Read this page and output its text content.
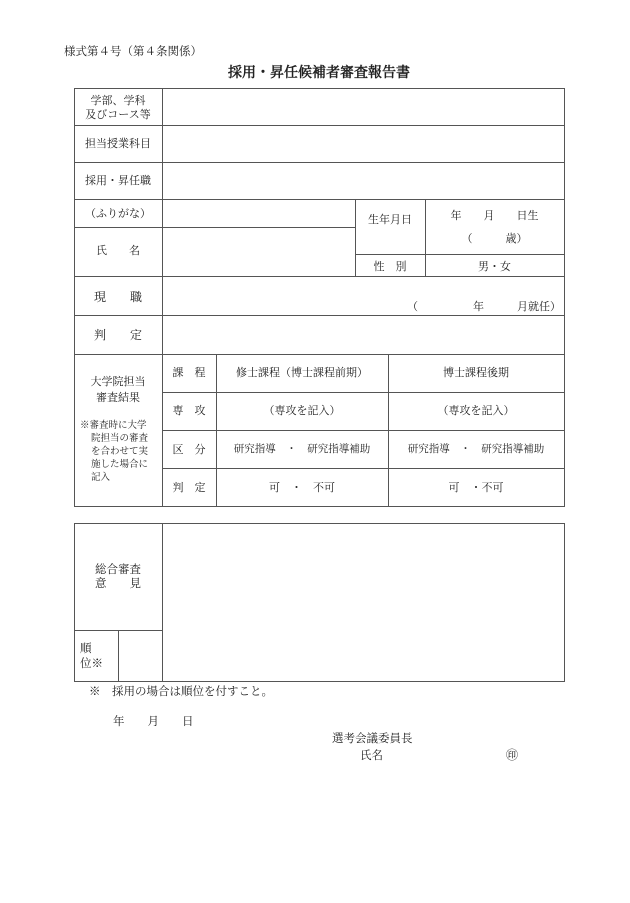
様式第４号（第４条関係）
採用・昇任候補者審査報告書
学部、学科
及びコース等
担当授業科目
採用・昇任職
（ふりがな）
氏　　名
生年月日	年　　月　　日生
（　　　歳）
性　別	男・女
現　　職
（　　　　　年　　　月就任）
判　　定
大学院担当
審査結果
※審査時に大学
院担当の審査
を合わせて実
施した場合に
記入
課　程	修士課程（博士課程前期）	博士課程後期
専　攻	（専攻を記入）	（専攻を記入）
区　分	研究指導　・　研究指導補助	研究指導　・　研究指導補助
判　定	可　・　不可	可　・不可
総合審査
意　　見
順
位※
※　採用の場合は順位を付すこと。
年　　月　　日
選考会議委員長
氏名	㊞
